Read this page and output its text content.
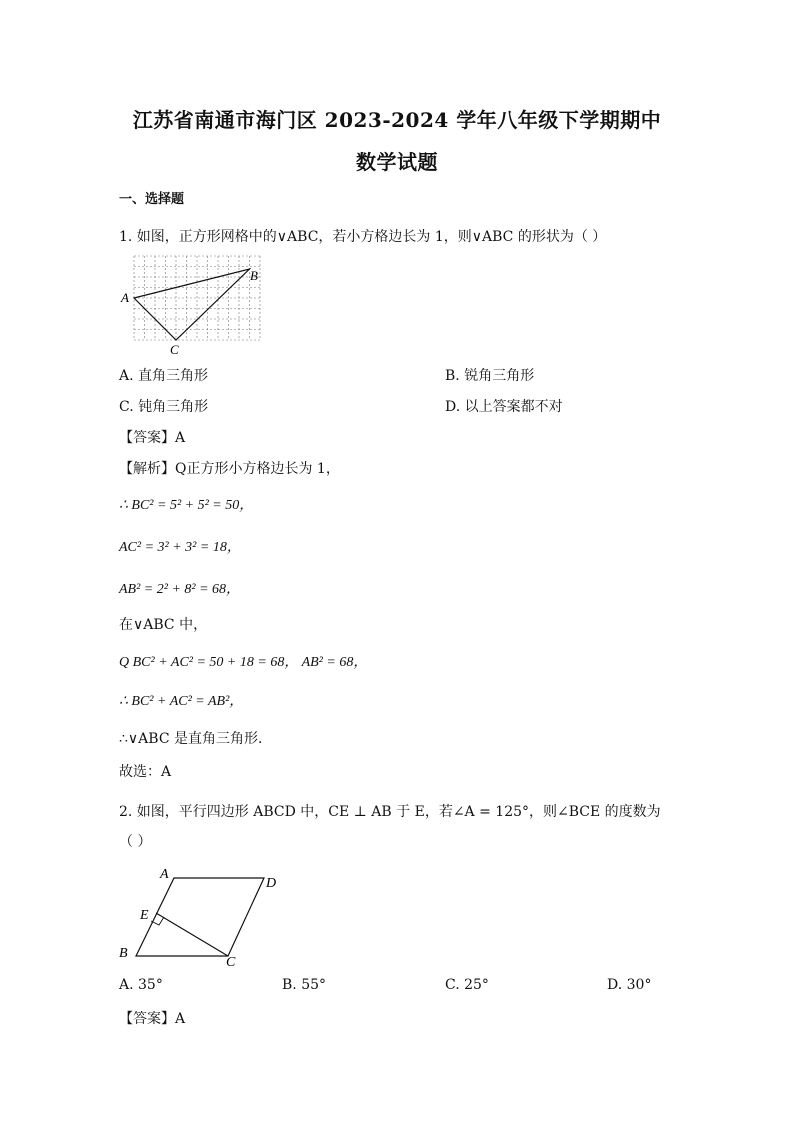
江苏省南通市海门区 2023-2024 学年八年级下学期期中
数学试题
一、选择题
1. 如图，正方形网格中的∨ABC，若小方格边长为 1，则∨ABC 的形状为（ ）
A
B
C
A. 直角三角形	B. 锐角三角形
C. 钝角三角形	D. 以上答案都不对
【答案】A
【解析】Q正方形小方格边长为 1，
∴ BC² = 5² + 5² = 50，
AC² = 3² + 3² = 18，
AB² = 2² + 8² = 68，
在∨ABC 中，
Q BC² + AC² = 50 + 18 = 68， AB² = 68，
∴ BC² + AC² = AB²，
∴∨ABC 是直角三角形．
故选：A
2. 如图，平行四边形 ABCD 中，CE ⊥ AB 于 E，若∠A = 125°，则∠BCE 的度数为
（ ）
A
D
E
B
C
A. 35°	B. 55°	C. 25°	D. 30°
【答案】A
